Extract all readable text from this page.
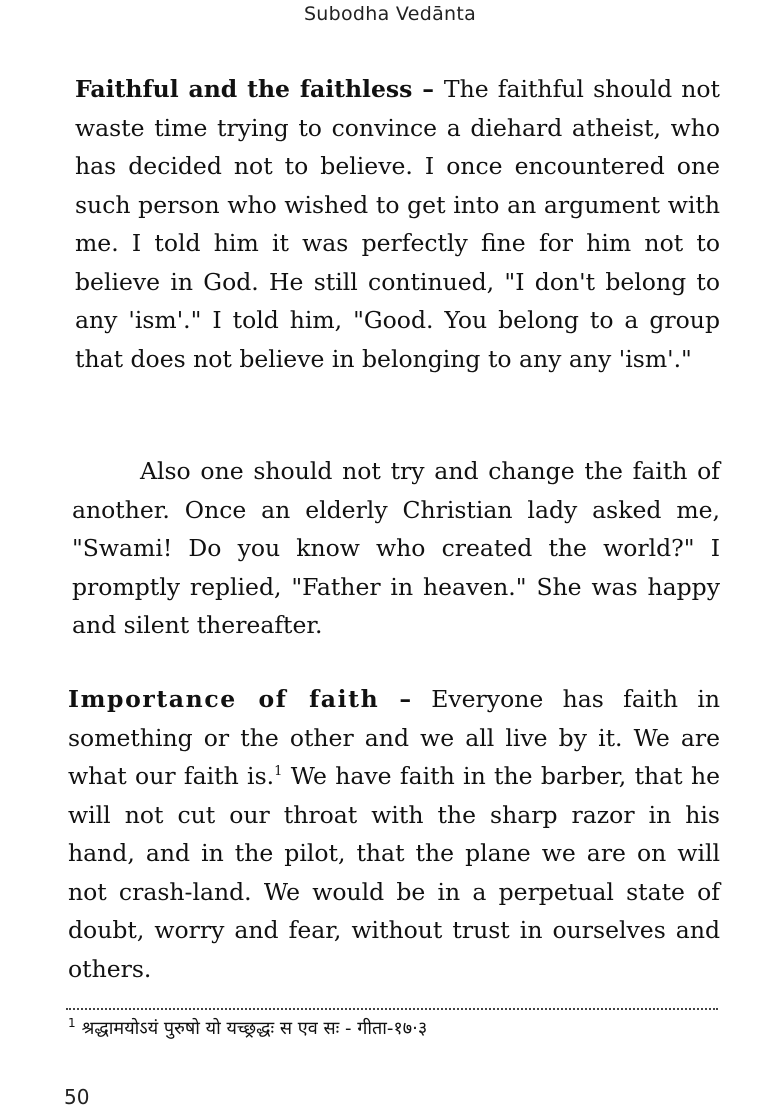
Subodha Vedānta

Faithful and the faithless – The faithful should not waste time trying to convince a diehard atheist, who has decided not to believe. I once encountered one such person who wished to get into an argument with me. I told him it was perfectly fine for him not to believe in God. He still continued, "I don't belong to any 'ism'." I told him, "Good. You belong to a group that does not believe in belonging to any any 'ism'."

Also one should not try and change the faith of another. Once an elderly Christian lady asked me, "Swami! Do you know who created the world?" I promptly replied, "Father in heaven." She was happy and silent thereafter.

Importance of faith – Everyone has faith in something or the other and we all live by it. We are what our faith is.$^1$ We have faith in the barber, that he will not cut our throat with the sharp razor in his hand, and in the pilot, that the plane we are on will not crash-land. We would be in a perpetual state of doubt, worry and fear, without trust in ourselves and others.

$^1$ श्रद्धामयोऽयं पुरुषो यो यच्छ्रद्धः स एव सः - गीता-१७·३
50
